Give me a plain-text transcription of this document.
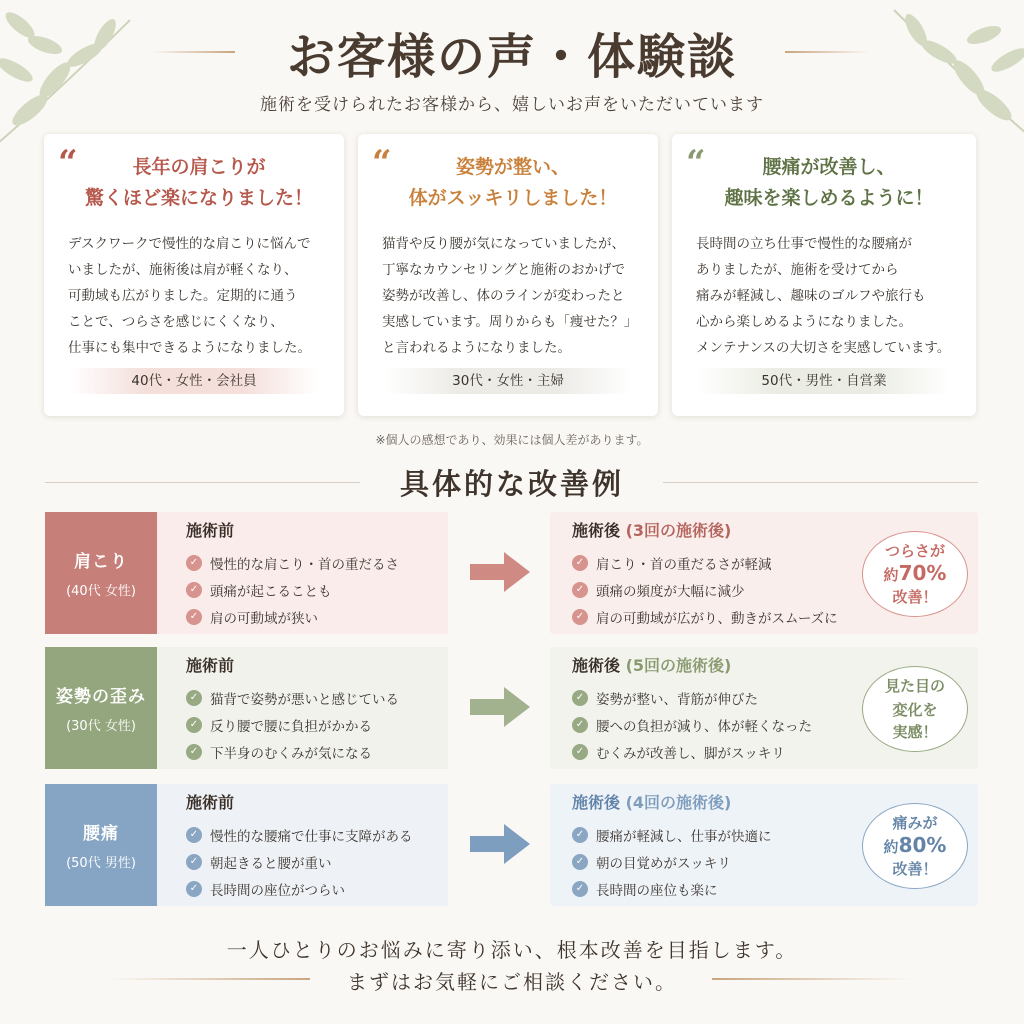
お客様の声・体験談
施術を受けられたお客様から、嬉しいお声をいただいています
“	長年の肩こりが
驚くほど楽になりました！
デスクワークで慢性的な肩こりに悩んで
いましたが、施術後は肩が軽くなり、
可動域も広がりました。定期的に通う
ことで、つらさを感じにくくなり、
仕事にも集中できるようになりました。
40代・女性・会社員
“	姿勢が整い、
体がスッキリしました！
猫背や反り腰が気になっていましたが、
丁寧なカウンセリングと施術のおかげで
姿勢が改善し、体のラインが変わったと
実感しています。周りからも「痩せた？」
と言われるようになりました。
30代・女性・主婦
“	腰痛が改善し、
趣味を楽しめるように！
長時間の立ち仕事で慢性的な腰痛が
ありましたが、施術を受けてから
痛みが軽減し、趣味のゴルフや旅行も
心から楽しめるようになりました。
メンテナンスの大切さを実感しています。
50代・男性・自営業
※個人の感想であり、効果には個人差があります。
具体的な改善例
肩こり
(40代 女性)
施術前
✓ 慢性的な肩こり・首の重だるさ
✓ 頭痛が起こることも
✓ 肩の可動域が狭い
施術後 (3回の施術後)
✓ 肩こり・首の重だるさが軽減
✓ 頭痛の頻度が大幅に減少
✓ 肩の可動域が広がり、動きがスムーズに
つらさが
約70%
改善！
姿勢の歪み
(30代 女性)
施術前
✓ 猫背で姿勢が悪いと感じている
✓ 反り腰で腰に負担がかかる
✓ 下半身のむくみが気になる
施術後 (5回の施術後)
✓ 姿勢が整い、背筋が伸びた
✓ 腰への負担が減り、体が軽くなった
✓ むくみが改善し、脚がスッキリ
見た目の
変化を
実感！
腰痛
(50代 男性)
施術前
✓ 慢性的な腰痛で仕事に支障がある
✓ 朝起きると腰が重い
✓ 長時間の座位がつらい
施術後 (4回の施術後)
✓ 腰痛が軽減し、仕事が快適に
✓ 朝の目覚めがスッキリ
✓ 長時間の座位も楽に
痛みが
約80%
改善！
一人ひとりのお悩みに寄り添い、根本改善を目指します。
まずはお気軽にご相談ください。
